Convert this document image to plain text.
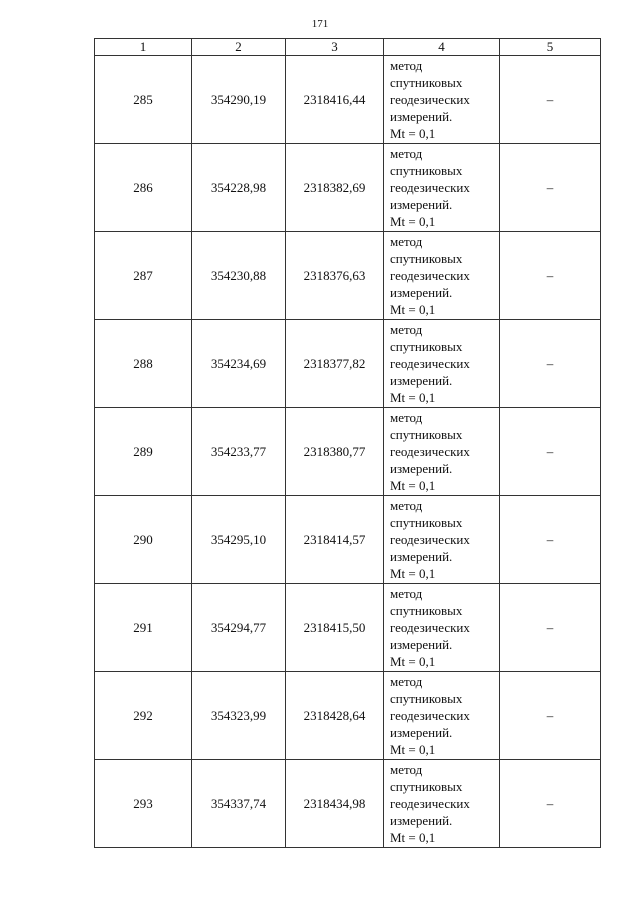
171
1	2	3	4	5
285	354290,19	2318416,44	метод
спутниковых
геодезических
измерений.
Mt = 0,1	–
286	354228,98	2318382,69	метод
спутниковых
геодезических
измерений.
Mt = 0,1	–
287	354230,88	2318376,63	метод
спутниковых
геодезических
измерений.
Mt = 0,1	–
288	354234,69	2318377,82	метод
спутниковых
геодезических
измерений.
Mt = 0,1	–
289	354233,77	2318380,77	метод
спутниковых
геодезических
измерений.
Mt = 0,1	–
290	354295,10	2318414,57	метод
спутниковых
геодезических
измерений.
Mt = 0,1	–
291	354294,77	2318415,50	метод
спутниковых
геодезических
измерений.
Mt = 0,1	–
292	354323,99	2318428,64	метод
спутниковых
геодезических
измерений.
Mt = 0,1	–
293	354337,74	2318434,98	метод
спутниковых
геодезических
измерений.
Mt = 0,1	–
